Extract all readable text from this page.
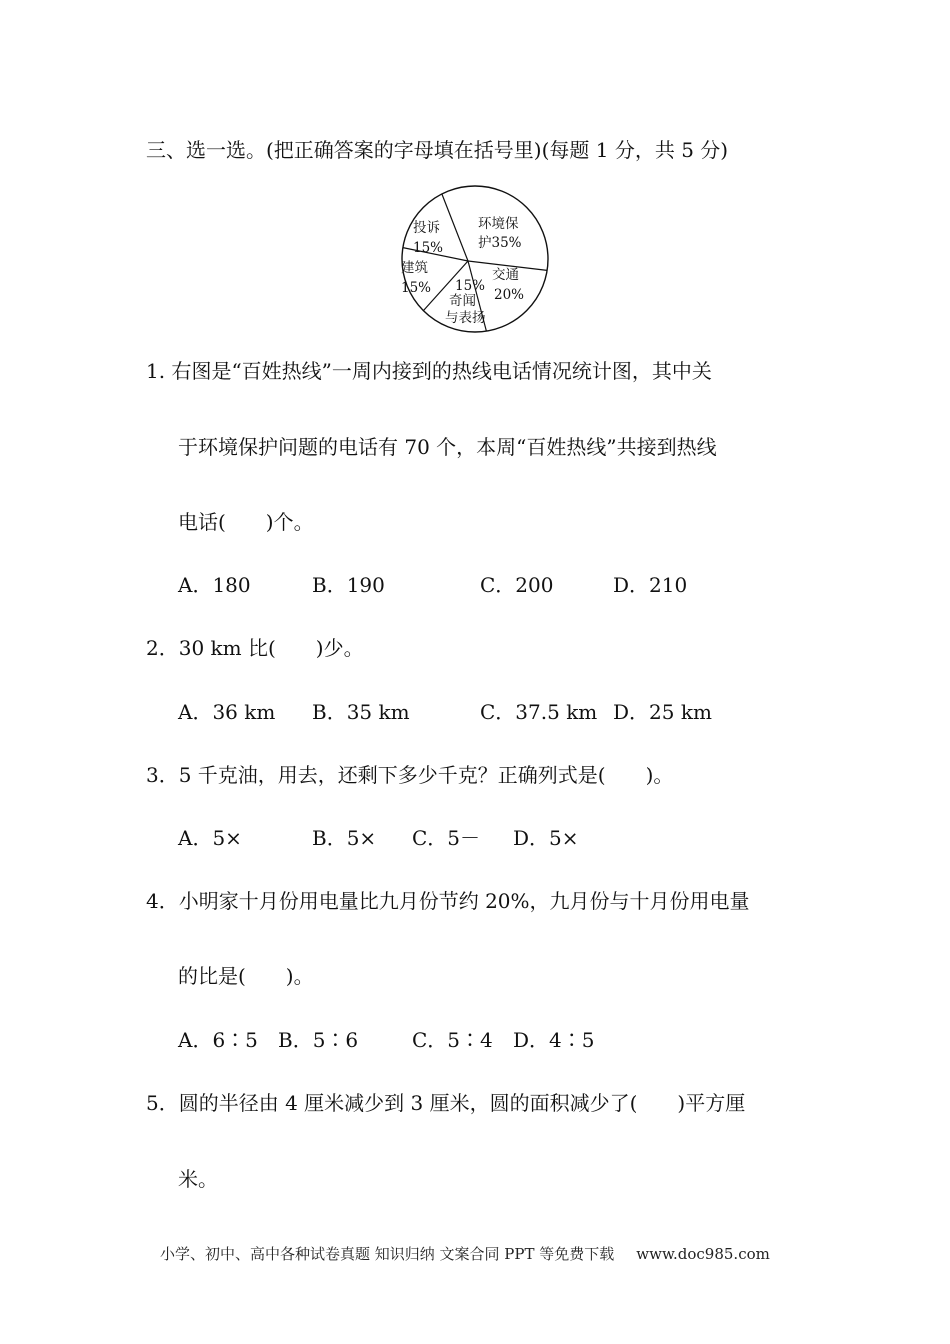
三、选一选。(把正确答案的字母填在括号里)(每题 1 分，共 5 分)
环境保
护35%
交通
20%
15%
奇闻
与表扬
建筑
15%
投诉
15%
1. 右图是“百姓热线”一周内接到的热线电话情况统计图，其中关
于环境保护问题的电话有 70 个，本周“百姓热线”共接到热线
电话(　　)个。
A．180	B．190	C．200	D．210
2．30 km 比(　　)少。
A．36 km B．35 km	C．37.5 km D．25 km
3．5 千克油，用去，还剩下多少千克？正确列式是(　　)。
A．5×	B．5× C．5－ D．5×
4．小明家十月份用电量比九月份节约 20%，九月份与十月份用电量
的比是(　　)。
A．6∶5 B．5∶6	C．5∶4 D．4∶5
5．圆的半径由 4 厘米减少到 3 厘米，圆的面积减少了(　　)平方厘
米。
小学、初中、高中各种试卷真题 知识归纳 文案合同 PPT 等免费下载 www.doc985.com
